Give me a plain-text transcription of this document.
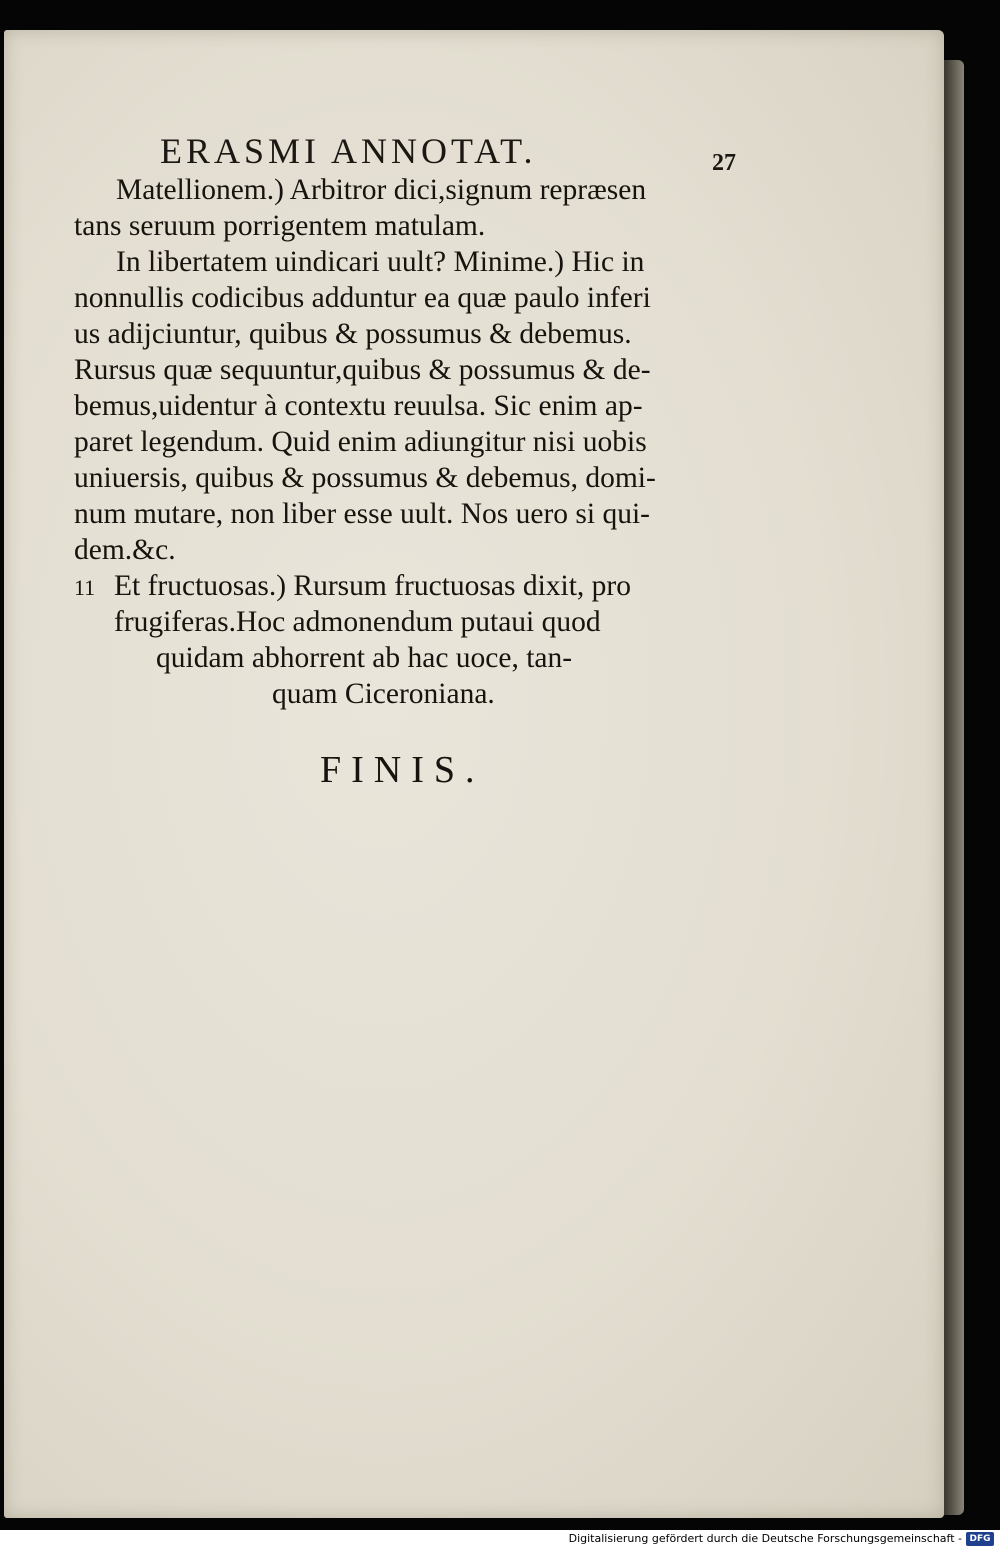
ERASMI ANNOTAT.	27
Matellionem.) Arbitror dici,signum repræsen
tans seruum porrigentem matulam.
In libertatem uindicari uult? Minime.) Hic in
nonnullis codicibus adduntur ea quæ paulo inferi
us adijciuntur, quibus & possumus & debemus.
Rursus quæ sequuntur,quibus & possumus & de-
bemus,uidentur à contextu reuulsa. Sic enim ap-
paret legendum. Quid enim adiungitur nisi uobis
uniuersis, quibus & possumus & debemus, domi-
num mutare, non liber esse uult. Nos uero si qui-
dem.&c.
11 Et fructuosas.) Rursum fructuosas dixit, pro
frugiferas.Hoc admonendum putaui quod
quidam abhorrent ab hac uoce, tan-
quam Ciceroniana.
FINIS.
Digitalisierung gefördert durch die Deutsche Forschungsgemeinschaft - DFG
